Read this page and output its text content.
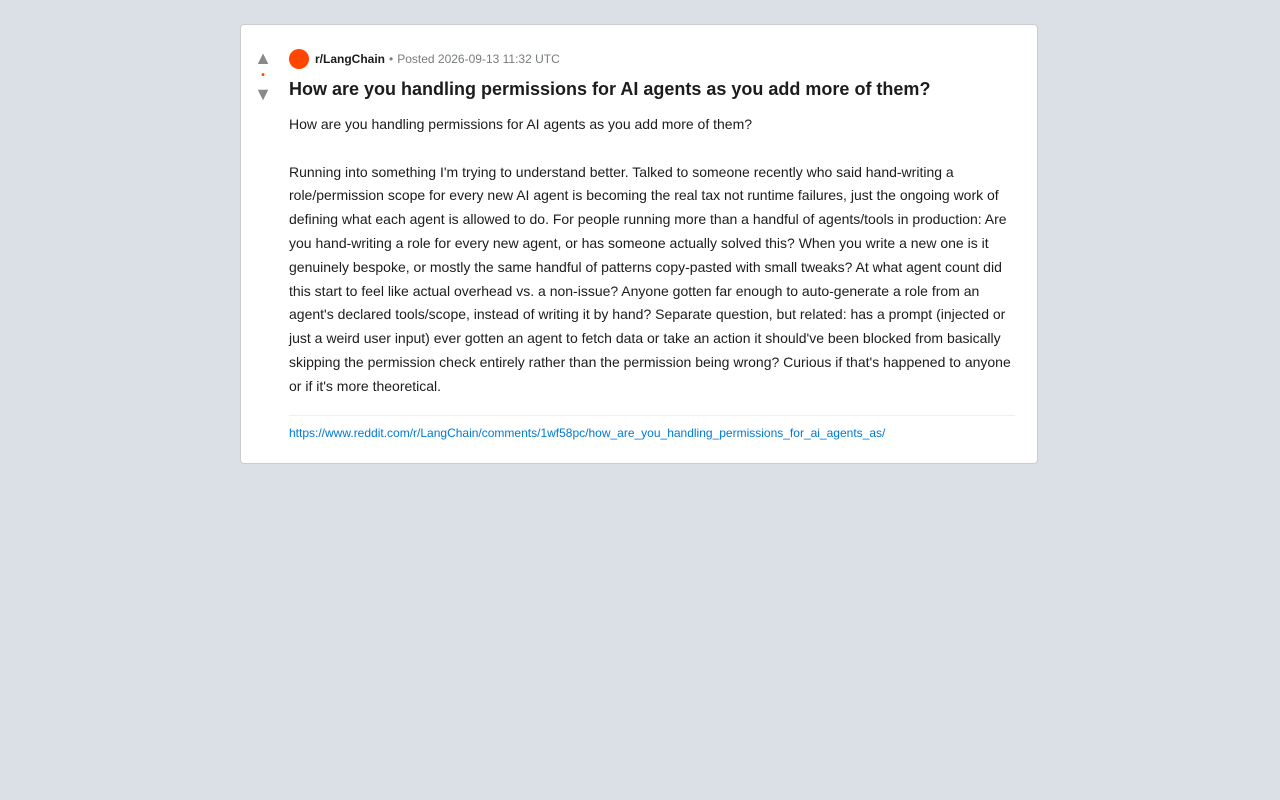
▲
•
▼
r/LangChain • Posted 2026-09-13 11:32 UTC
How are you handling permissions for AI agents as you add more of them?

How are you handling permissions for AI agents as you add more of them?

Running into something I'm trying to understand better. Talked to someone recently who said hand-writing a role/permission scope for every new AI agent is becoming the real tax not runtime failures, just the ongoing work of defining what each agent is allowed to do. For people running more than a handful of agents/tools in production: Are you hand-writing a role for every new agent, or has someone actually solved this? When you write a new one is it genuinely bespoke, or mostly the same handful of patterns copy-pasted with small tweaks? At what agent count did this start to feel like actual overhead vs. a non-issue? Anyone gotten far enough to auto-generate a role from an agent's declared tools/scope, instead of writing it by hand? Separate question, but related: has a prompt (injected or just a weird user input) ever gotten an agent to fetch data or take an action it should've been blocked from basically skipping the permission check entirely rather than the permission being wrong? Curious if that's happened to anyone or if it's more theoretical.

https://www.reddit.com/r/LangChain/comments/1wf58pc/how_are_you_handling_permissions_for_ai_agents_as/
